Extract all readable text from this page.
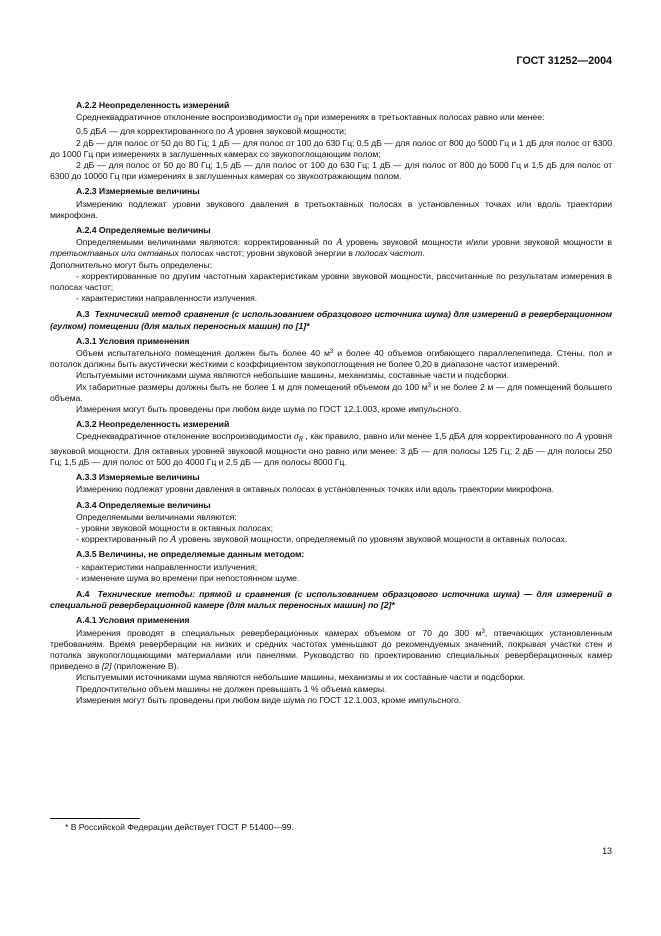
ГОСТ 31252—2004

А.2.2 Неопределенность измерений

Среднеквадратичное отклонение воспроизводимости $\sigma_R$ при измерениях в третьоктавных полосах равно или менее:

0,5 дБА — для корректированного по А уровня звуковой мощности;

2 дБ — для полос от 50 до 80 Гц; 1 дБ — для полос от 100 до 630 Гц; 0,5 дБ — для полос от 800 до 5000 Гц и 1 дБ для полос от 6300 до 1000 Гц при измерениях в заглушенных камерах со звукопоглощающим полом;

2 дБ — для полос от 50 до 80 Гц; 1,5 дБ — для полос от 100 до 630 Гц; 1 дБ — для полос от 800 до 5000 Гц и 1,5 дБ для полос от 6300 до 10000 Гц при измерениях в заглушенных камерах со звукоотражающим полом.

А.2.3 Измеряемые величины

Измерению подлежат уровни звукового давления в третьоктавных полосах в установленных точках или вдоль траектории микрофона.

А.2.4 Определяемые величины

Определяемыми величинами являются: корректированный по А уровень звуковой мощности и/или уровни звуковой мощности в третьоктавных или октавных полосах частот; уровни звуковой энергии в полосах частот.

Дополнительно могут быть определены:

- корректированные по другим частотным характеристикам уровни звуковой мощности, рассчитанные по результатам измерения в полосах частот;

- характеристики направленности излучения.

А.3 Технический метод сравнения (с использованием образцового источника шума) для измерений в реверберационном (гулком) помещении (для малых переносных машин) по [1]*

А.3.1 Условия применения

Объем испытательного помещения должен быть более 40 $м^3$ и более 40 объемов огибающего параллелепипеда. Стены, пол и потолок должны быть акустически жесткими с коэффициентом звукопоглощения не более 0,20 в диапазоне частот измерений.

Испытуемыми источниками шума являются небольшие машины, механизмы, составные части и подсборки.

Их габаритные размеры должны быть не более 1 м для помещений объемом до 100 $м^3$ и не более 2 м — для помещений большего объема.

Измерения могут быть проведены при любом виде шума по ГОСТ 12.1.003, кроме импульсного.

А.3.2 Неопределенность измерений

Среднеквадратичное отклонение воспроизводимости $\sigma_R$ , как правило, равно или менее 1,5 дБА для корректированного по А уровня звуковой мощности. Для октавных уровней звуковой мощности оно равно или менее: 3 дБ — для полосы 125 Гц; 2 дБ — для полосы 250 Гц; 1,5 дБ — для полос от 500 до 4000 Гц и 2,5 дБ — для полосы 8000 Гц.

А.3.3 Измеряемые величины

Измерению подлежат уровни давления в октавных полосах в установленных точках или вдоль траектории микрофона.

А.3.4 Определяемые величины

Определяемыми величинами являются:

- уровни звуковой мощности в октавных полосах;

- корректированный по А уровень звуковой мощности, определяемый по уровням звуковой мощности в октавных полосах.

А.3.5 Величины, не определяемые данным методом:

- характеристики направленности излучения;

- изменение шума во времени при непостоянном шуме.

А.4 Технические методы: прямой и сравнения (с использованием образцового источника шума) — для измерений в специальной реверберационной камере (для малых переносных машин) по [2]*

А.4.1 Условия применения

Измерения проводят в специальных реверберационных камерах объемом от 70 до 300 $м^3$, отвечающих установленным требованиям. Время реверберации на низких и средних частотах уменьшают до рекомендуемых значений, покрывая участки стен и потолка звукопоглощающими материалами или панелями. Руководство по проектированию специальных реверберационных камер приведено в [2] (приложение В).

Испытуемыми источниками шума являются небольшие машины, механизмы и их составные части и подсборки.

Предпочтительно объем машины не должен превышать 1 % объема камеры.

Измерения могут быть проведены при любом виде шума по ГОСТ 12.1.003, кроме импульсного.

* В Российской Федерации действует ГОСТ Р 51400—99.
13
